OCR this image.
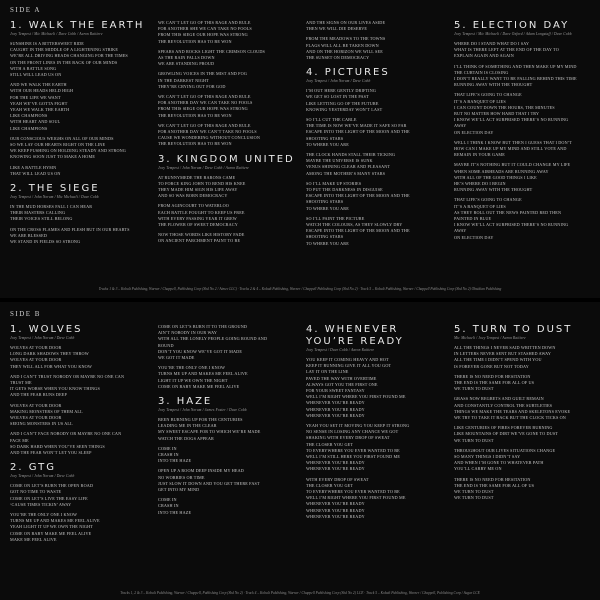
SIDE A
1. WALK THE EARTH
Joey Tempest / Mic Michaeli / Dave Cobb / Aaron Raitiere
SUNSHINE IS A BITTERSWEET RIDE
CAUGHT IN THE MIDDLE OF A LIGHTENING STRIKE
WE’RE ALL DRIVING HEADS CHANGING FOR THE TIMES
ON THE FRONT LINES IN THE BACK OF OUR MINDS
WITH A BATTLE SONG
STILL WILL LEAD US ON
AND WE WALK THE EARTH
WITH OUR HEADS HELD HIGH
FOR THE LIFE WE WANT
YEAH WE’VE GOTTA FIGHT
YEAH WE WALK THE EARTH
LIKE CHAMPIONS
WITH HEART AND SOUL
LIKE CHAMPIONS
OUR CONSCIOUS WEIGHS ON ALL OF OUR MINDS
SO WE LAY OUR HEARTS RIGHT ON THE LINE
WE KEEP PUSHING ON HOLDING STEADY AND STRONG
KNOWING SOON JUST TO MAKE A HOME
LIKE A BATTLE HYMN
THAT WILL LEAD US ON
2. THE SIEGE
Joey Tempest / John Norum / Mic Michaeli / Dave Cobb
IN THE MUD HORSES FALL I CAN HEAR
THEIR MASTERS CALLING
THEIR VOICES STILL BELONG
ON THE CROSS FLAMES AND FLESH BUT IN OUR HEARTS
WE ARE BLESSED
WE STAND IN FIELDS SO STRONG
WE CAN’T LET GO OF THIS RAGE AND RULE
FOR ANOTHER SHE WE CAN TAKE NO FOOLS
FROM THIS SIEGE OUR HOPE WAS STRONG
THE REVOLUTION HAS TO BE WON
SPEARS AND ROCKS LIGHT THE CRIMSON CLOUDS
AS THE RAIN FALLS DOWN
WE ARE STANDING PROUD
GROWLING VOICES IN THE MIST AND FOG
IN THE DARKEST NIGHT
THEY’RE CRYING OUT FOR GOD
WE CAN’T LET GO OF THIS RAGE AND RULE
FOR ANOTHER DAY WE CAN TAKE NO FOOLS
FROM THIS SIEGE OUR HOPE WAS STRONG
THE REVOLUTION HAS TO BE WON
WE CAN’T LET GO OF THIS RAGE AND RULE
FOR ANOTHER DAY WE CAN’T TAKE NO FOOLS
CAUSE WE WONDERING WITHOUT CONCLUSION
THE REVOLUTION HAS TO BE WON
3. KINGDOM UNITED
Joey Tempest / John Norum / Dave Cobb / Aaron Raitiere
AT RUNNYMEDE THE BARONS CAME
TO FORCE KING JOHN TO BEND HIS KNEE
THEY MADE HIM SIGN HIS LIFE AWAY
AND SO WAS BORN DEMOCRACY
FROM AGINCOURT TO WATERLOO
EACH BATTLE FOUGHT TO KEEP US FREE
WITH EVERY PASSING YEAR IT GREW
THE FLOWER OF SWEET DEMOCRACY
NOW THOSE WORDS LIKE HISTORY FADE
ON ANCIENT PARCHMENT PAINT TO BE
AND THE SIGNS ON OUR LIVES ASIDE
THEN WE WILL DIE DESERVE
FROM THE MEADOWS TO THE TOWNS
FLAGS WILL ALL BE TAKEN DOWN
AND ON THE HORIZON WE WILL SEE
THE SUNSET ON DEMOCRACY
4. PICTURES
Joey Tempest / John Norum / Dave Cobb
I’M OUT HERE GENTLY DRIFTING
WE GET SO LOST IN THE PAST
LIKE LETTING GO OF THE FUTURE
KNOWING YESTERDAY WON’T LAST
SO I’LL CUT THE CABLE
THE TIME IS NOW WE’VE MADE IT SAFE SO FAR
ESCAPE INTO THE LIGHT OF THE MOON AND THE
SHOOTING STARS
TO WHERE YOU ARE
THE CLOCK HANDS STALL THEIR TICKING
MAYBE THE UNIVERSE IS SUNK
VENUS SHINING CLEAR AND PLEASANT
AMONG THE MOTHER’S MANY STARS
SO I’LL MAKE UP STORIES
TO PUT THE DARKNESS IN DISGUISE
ESCAPE INTO THE LIGHT OF THE MOON AND THE
SHOOTING STARS
TO WHERE YOU ARE
SO I’LL PAINT THE PICTURE
WATCH THE COLOURS, AS THEY SLOWLY DRY
ESCAPE INTO THE LIGHT OF THE MOON AND THE
SHOOTING STARS
TO WHERE YOU ARE
5. ELECTION DAY
Joey Tempest / Mic Michaeli / Dave Oxford / Adam Longstaff / Dave Cobb
WHERE DO I STAND WHAT DO I SAY
WHAT IS THERE LEFT AT THE END OF THE DAY TO
EXPLAIN AGAIN AND AGAIN
I’LL THINK OF SOMETHING AND THEN MAKE UP MY MIND
THE CURTAIN IS CLOSING
I DON’T REALLY WANT TO BE FALLING BEHIND THIS TIME
RUNNING AWAY WITH THE THOUGHT
THAT LIFE’S GOING TO CHANGE
IT’S A BANQUET OF LIES
I CAN COUNT DOWN THE HOURS, THE MINUTES
BUT NO MATTER HOW HARD THAT I TRY
I KNOW WE’LL ACT SURPRISED THERE’S NO RUNNING
AWAY
ON ELECTION DAY
WELL I THINK I KNOW BUT THEN I GUESS THAT I DON’T
HOW CAN I MAKE UP MY MIND AND STILL VOTE AND
REMAIN IN YOUR GAME
MAYBE IT’S NOTHING BUT IT COULD CHANGE MY LIFE
WHEN SOME AIRHEADS ARE RUNNING AWAY
WITH ALL OF THE GOOD THINGS I LIKE
HE’S WHERE DO I BEGIN
RUNNING AWAY WITH THE THOUGHT
THAT LIFE’S GOING TO CHANGE
IT’S A BANQUET OF LIES
AS THEY ROLL OUT THE NEWS PAINTED RED THEN
PAINTED IN BLUE
I KNOW WE’LL ACT SURPRISED THERE’S NO RUNNING
AWAY
ON ELECTION DAY
Tracks 1 & 3 – Kobalt Publishing, Warner / Chappell, Publishing Corp (Sbd No 2 / Aimee LLC) · Tracks 2 & 4 – Kobalt Publishing, Warner / Chappell Publishing Corp (Sbd No 2) · Track 5 – Kobalt Publishing, Warner / Chappell Publishing Corp (Sbd No 2) Obsidian Publishing
SIDE B
1. WOLVES
Joey Tempest / John Norum / Dave Cobb
WOLVES AT YOUR DOOR
LONG DARK SHADOWS THEY THROW
WOLVES AT YOUR DOOR
THEY WILL ALL FOR WHAT YOU KNOW
AND I CAN’T TRUST NOBODY OR MAYBE NO ONE CAN
TRUST ME
IT GETS WORSE WHEN YOU KNOW THINGS
AND THE FEAR RUNS DEEP
WOLVES AT YOUR DOOR
MAKING MONSTERS OF THEM ALL
WOLVES AT YOUR DOOR
SEEING MONSTERS IN US ALL
AND I CAN’T FACE NOBODY OR MAYBE NO ONE CAN
FACE ME
SO DARK HARD WHEN YOU’VE SEEN THINGS
AND THE FEAR WON’T LET YOU SLEEP
2. GTG
Joey Tempest / John Norum / Dave Cobb
COME ON LET’S BURN THE OPEN ROAD
GOT NO TIME TO WASTE
COME ON LET’S LIVE THE EASY LIFE
‘CAUSE TIMES TICKIN’ AWAY
YOU’RE THE ONLY ONE I KNOW
TURNS ME UP AND MAKES ME FEEL ALIVE
YEAH LIGHT IT UP WE OWN THE NIGHT
COME ON BABY MAKE ME FEEL ALIVE
MAKE ME FEEL ALIVE
COME ON LET’S BURN IT TO THE GROUND
AIN’T NOBODY IN OUR WAY
WITH ALL THE LONELY PEOPLE GOING ROUND AND
ROUND
DON’T YOU KNOW WE’VE GOT IT MADE
WE GOT IT MADE
YOU’RE THE ONLY ONE I KNOW
TURNS ME UP AND MAKES ME FEEL ALIVE
LIGHT IT UP WE OWN THE NIGHT
COME ON BABY MAKE ME FEEL ALIVE
3. HAZE
Joey Tempest / John Norum / James Foster / Dave Cobb
BEEN BURNING UP FOR THE CENTURIES
LEADING ME IN THE CLEAR
MY SWEET ESCAPE FOR TO WHICH WE’RE MADE
WATCH THE DOGS APPEAR
COME IN
CRASH IN
INTO THE HAZE
OPEN UP A ROOM DEEP INSIDE MY HEAD
NO WORRIES OR TIME
JUST SLOW IT DOWN AND YOU GET THERE FAST
GET INTO MY MIND
COME IN
CRASH IN
INTO THE HAZE
4. WHENEVER YOU’RE READY
Joey Tempest / Dave Cobb / Aaron Raitiere
YOU KEEP IT COMING HEAVY AND HOT
KEEP IT RUNNING GIVE IT ALL YOU GOT
LAY IT ON THE LINE
PAVED THE WAY WITH OVERTIME
ALWAYS GOT YOU THE FIRST ONE
FOR YOUR SWEET FANTASY
WELL I’M RIGHT WHERE YOU FIRST FOUND ME
WHENEVER YOU’RE READY
WHENEVER YOU’RE READY
WHENEVER YOU’RE READY
YEAH YOU SET IT MOVING YOU KEEP IT STRONG
NO SENSE IN LOSING ANY CHANCE WE GOT
SHAKING WITH EVERY DROP OF SWEAT
THE CLOSER YOU GET
TO EVERYWHERE YOU EVER WANTED TO BE
WELL I’M STILL HERE YOU FIRST FOUND ME
WHENEVER YOU’RE READY
WHENEVER YOU’RE READY
WITH EVERY DROP OF SWEAT
THE CLOSER YOU GET
TO EVERYWHERE YOU EVER WANTED TO BE
WELL I’M RIGHT WHERE YOU FIRST FOUND ME
WHENEVER YOU’RE READY
WHENEVER YOU’RE READY
WHENEVER YOU’RE READY
5. TURN TO DUST
Mic Michaeli / Joey Tempest / Aaron Raitiere
ALL THE THINGS I NEVER SAID WRITTEN DOWN
IN LETTERS NEVER SENT BUT STASHED AWAY
ALL THE TIME I DIDN’T SPEND WITH YOU
IS FOREVER GONE BUT NOT TODAY
THERE IS NO NEED FOR HESITATION
THE END IS THE SAME FOR ALL OF US
WE TURN TO DUST
GRASS NOW REGRETS AND GUILT REMAIN
AND CONSTANTLY CONTROL THE SUBTLETIES
THINGS WE MAKE THE TEARS AND SKELETONS EVOKE
WE TRY TO TAKE IT BACK BUT THE CLOCK TICKS ON
LIKE CENTURIES OF FIRES FOREVER BURNING
LIKE MOUNTAINS OF DIRT WE’VE GONE TO DUST
WE TURN TO DUST
THROUGHOUT OUR LIVES SITUATIONS CHANGE
SO MANY THINGS I DIDN’T SAY
AND WHEN I’M GONE TO WHATEVER PATH
YOU’LL CARRY ME ON
THERE IS NO NEED FOR HESITATION
THE END IS THE SAME FOR ALL OF US
WE TURN TO DUST
WE TURN TO DUST
Tracks 1, 2 & 3 – Kobalt Publishing, Warner / Chappell, Publishing Corp (Sbd No 2) · Track 4 – Kobalt Publishing, Warner / Chappell Publishing Corp (Sbd No 2) LCE · Track 5 – Kobalt Publishing, Warner / Chappell, Publishing Corp / Sugar LCE
